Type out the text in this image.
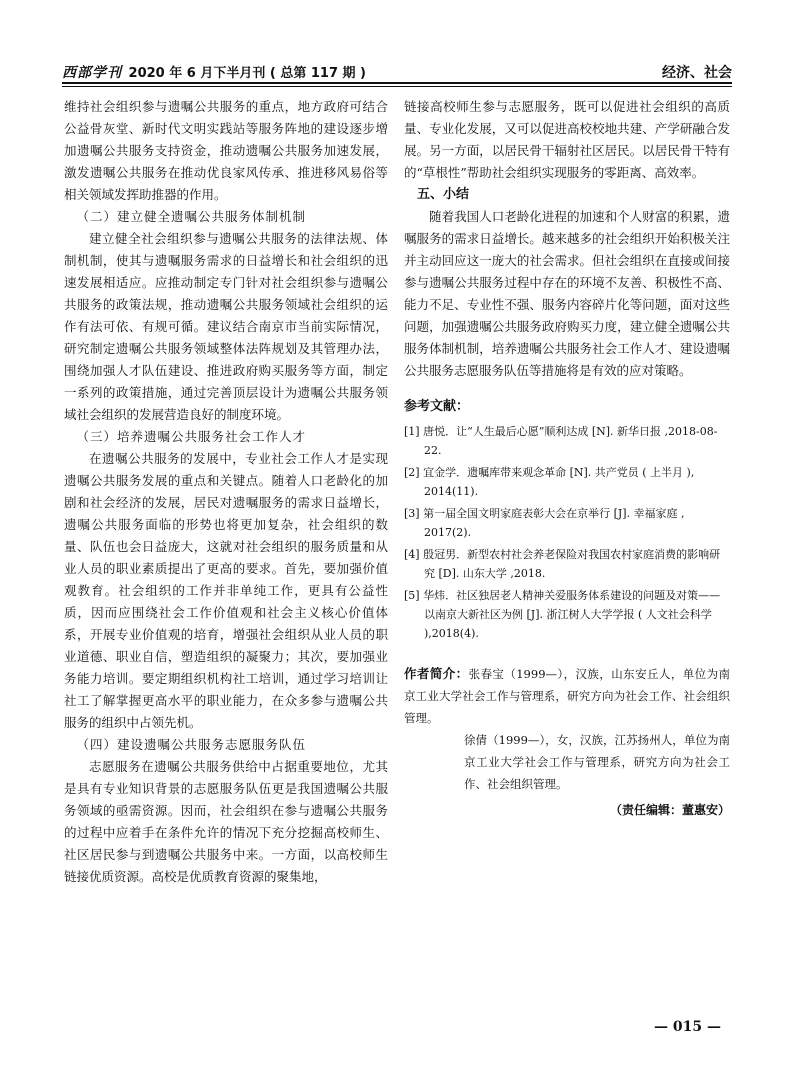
西部学刊 2020 年 6 月下半月刊 ( 总第 117 期 )	经济、社会

维持社会组织参与遗嘱公共服务的重点，地方政府可结合公益骨灰堂、新时代文明实践站等服务阵地的建设逐步增加遗嘱公共服务支持资金，推动遗嘱公共服务加速发展，激发遗嘱公共服务在推动优良家风传承、推进移风易俗等相关领域发挥助推器的作用。

（二）建立健全遗嘱公共服务体制机制

建立健全社会组织参与遗嘱公共服务的法律法规、体制机制，使其与遗嘱服务需求的日益增长和社会组织的迅速发展相适应。应推动制定专门针对社会组织参与遗嘱公共服务的政策法规，推动遗嘱公共服务领域社会组织的运作有法可依、有规可循。建议结合南京市当前实际情况，研究制定遗嘱公共服务领域整体法阵规划及其管理办法，围绕加强人才队伍建设、推进政府购买服务等方面，制定一系列的政策措施，通过完善顶层设计为遗嘱公共服务领域社会组织的发展营造良好的制度环境。

（三）培养遗嘱公共服务社会工作人才

在遗嘱公共服务的发展中，专业社会工作人才是实现遗嘱公共服务发展的重点和关键点。随着人口老龄化的加剧和社会经济的发展，居民对遗嘱服务的需求日益增长，遗嘱公共服务面临的形势也将更加复杂，社会组织的数量、队伍也会日益庞大，这就对社会组织的服务质量和从业人员的职业素质提出了更高的要求。首先，要加强价值观教育。社会组织的工作并非单纯工作，更具有公益性质，因而应围绕社会工作价值观和社会主义核心价值体系，开展专业价值观的培育，增强社会组织从业人员的职业道德、职业自信，塑造组织的凝聚力；其次，要加强业务能力培训。要定期组织机构社工培训，通过学习培训让社工了解掌握更高水平的职业能力，在众多参与遗嘱公共服务的组织中占领先机。

（四）建设遗嘱公共服务志愿服务队伍

志愿服务在遗嘱公共服务供给中占据重要地位，尤其是具有专业知识背景的志愿服务队伍更是我国遗嘱公共服务领域的亟需资源。因而，社会组织在参与遗嘱公共服务的过程中应着手在条件允许的情况下充分挖掘高校师生、社区居民参与到遗嘱公共服务中来。一方面，以高校师生链接优质资源。高校是优质教育资源的聚集地，

链接高校师生参与志愿服务，既可以促进社会组织的高质量、专业化发展，又可以促进高校校地共建、产学研融合发展。另一方面，以居民骨干辐射社区居民。以居民骨干特有的“草根性”帮助社会组织实现服务的零距离、高效率。

五、小结

随着我国人口老龄化进程的加速和个人财富的积累，遗嘱服务的需求日益增长。越来越多的社会组织开始积极关注并主动回应这一庞大的社会需求。但社会组织在直接或间接参与遗嘱公共服务过程中存在的环境不友善、积极性不高、能力不足、专业性不强、服务内容碎片化等问题，面对这些问题，加强遗嘱公共服务政府购买力度，建立健全遗嘱公共服务体制机制，培养遗嘱公共服务社会工作人才、建设遗嘱公共服务志愿服务队伍等措施将是有效的应对策略。

参考文献：
[1] 唐悦．让“人生最后心愿”顺利达成 [N]. 新华日报 ,2018-08-22.
[2] 宜金学．遗嘱库带来观念革命 [N]. 共产党员 ( 上半月 ), 2014(11).
[3] 第一届全国文明家庭表彰大会在京举行 [J]. 幸福家庭 , 2017(2).
[4] 殷冠男．新型农村社会养老保险对我国农村家庭消费的影响研究 [D]. 山东大学 ,2018.
[5] 华炜．社区独居老人精神关爱服务体系建设的问题及对策——以南京大新社区为例 [J]. 浙江树人大学学报 ( 人文社会科学 ),2018(4).
作者简介：张春宝（1999—），汉族，山东安丘人，单位为南京工业大学社会工作与管理系，研究方向为社会工作、社会组织管理。
徐倩（1999—），女，汉族，江苏扬州人，单位为南京工业大学社会工作与管理系，研究方向为社会工作、社会组织管理。
（责任编辑：董惠安）
— 015 —
